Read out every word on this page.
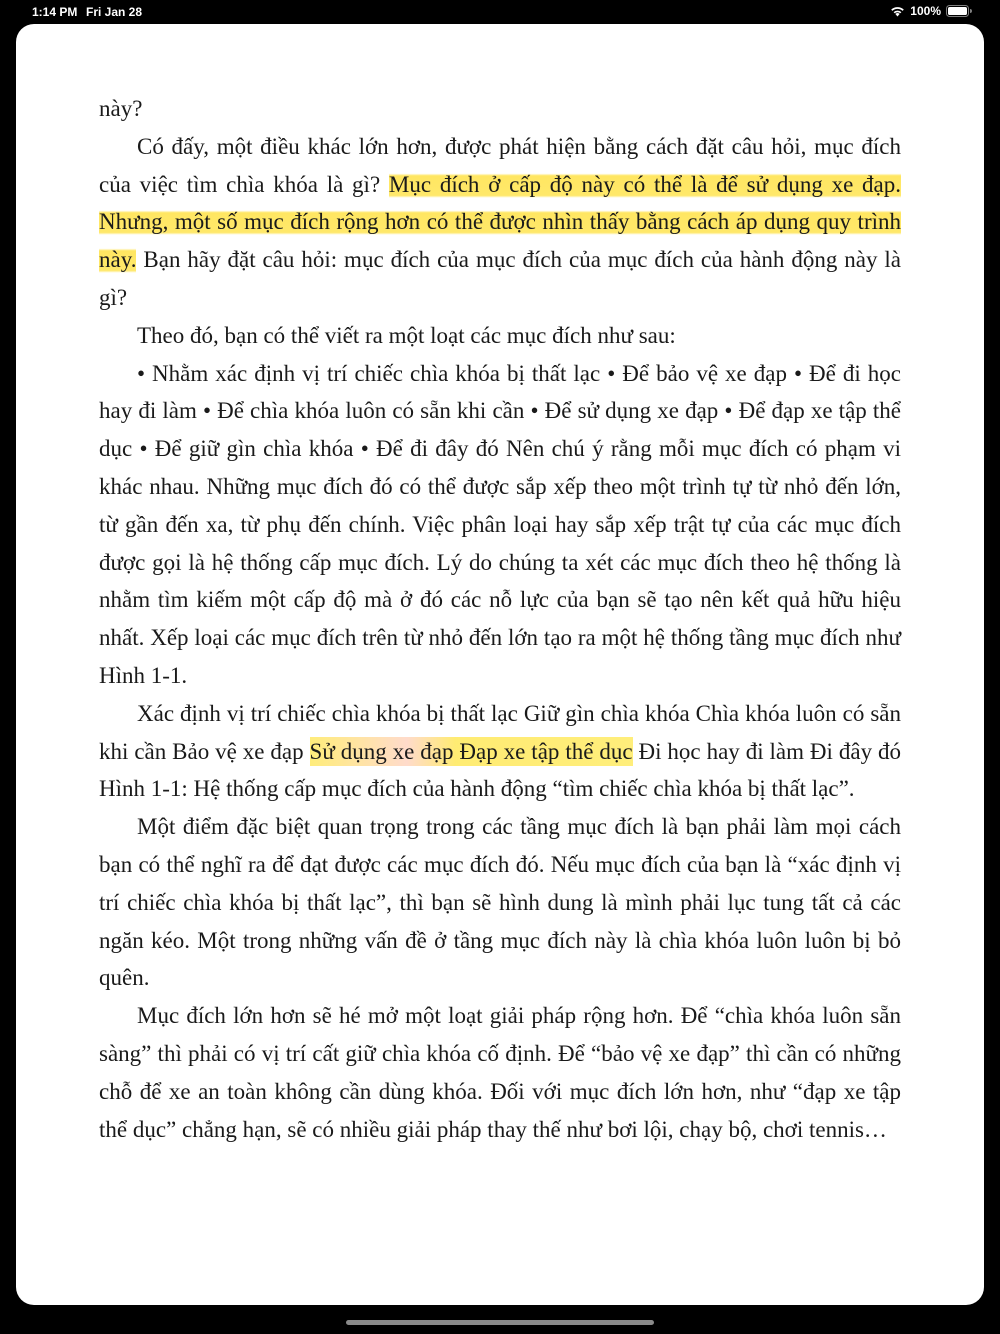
1:14 PM Fri Jan 28	100%

này?

Có đấy, một điều khác lớn hơn, được phát hiện bằng cách đặt câu hỏi, mục đích của việc tìm chìa khóa là gì? Mục đích ở cấp độ này có thể là để sử dụng xe đạp. Nhưng, một số mục đích rộng hơn có thể được nhìn thấy bằng cách áp dụng quy trình này. Bạn hãy đặt câu hỏi: mục đích của mục đích của mục đích của hành động này là gì?

Theo đó, bạn có thể viết ra một loạt các mục đích như sau:

• Nhằm xác định vị trí chiếc chìa khóa bị thất lạc • Để bảo vệ xe đạp • Để đi học hay đi làm • Để chìa khóa luôn có sẵn khi cần • Để sử dụng xe đạp • Để đạp xe tập thể dục • Để giữ gìn chìa khóa • Để đi đây đó Nên chú ý rằng mỗi mục đích có phạm vi khác nhau. Những mục đích đó có thể được sắp xếp theo một trình tự từ nhỏ đến lớn, từ gần đến xa, từ phụ đến chính. Việc phân loại hay sắp xếp trật tự của các mục đích được gọi là hệ thống cấp mục đích. Lý do chúng ta xét các mục đích theo hệ thống là nhằm tìm kiếm một cấp độ mà ở đó các nỗ lực của bạn sẽ tạo nên kết quả hữu hiệu nhất. Xếp loại các mục đích trên từ nhỏ đến lớn tạo ra một hệ thống tầng mục đích như Hình 1-1.

Xác định vị trí chiếc chìa khóa bị thất lạc Giữ gìn chìa khóa Chìa khóa luôn có sẵn khi cần Bảo vệ xe đạp Sử dụng xe đạp Đạp xe tập thể dục Đi học hay đi làm Đi đây đó Hình 1-1: Hệ thống cấp mục đích của hành động “tìm chiếc chìa khóa bị thất lạc”.

Một điểm đặc biệt quan trọng trong các tầng mục đích là bạn phải làm mọi cách bạn có thể nghĩ ra để đạt được các mục đích đó. Nếu mục đích của bạn là “xác định vị trí chiếc chìa khóa bị thất lạc”, thì bạn sẽ hình dung là mình phải lục tung tất cả các ngăn kéo. Một trong những vấn đề ở tầng mục đích này là chìa khóa luôn luôn bị bỏ quên.

Mục đích lớn hơn sẽ hé mở một loạt giải pháp rộng hơn. Để “chìa khóa luôn sẵn sàng” thì phải có vị trí cất giữ chìa khóa cố định. Để “bảo vệ xe đạp” thì cần có những chỗ để xe an toàn không cần dùng khóa. Đối với mục đích lớn hơn, như “đạp xe tập thể dục” chẳng hạn, sẽ có nhiều giải pháp thay thế như bơi lội, chạy bộ, chơi tennis…
